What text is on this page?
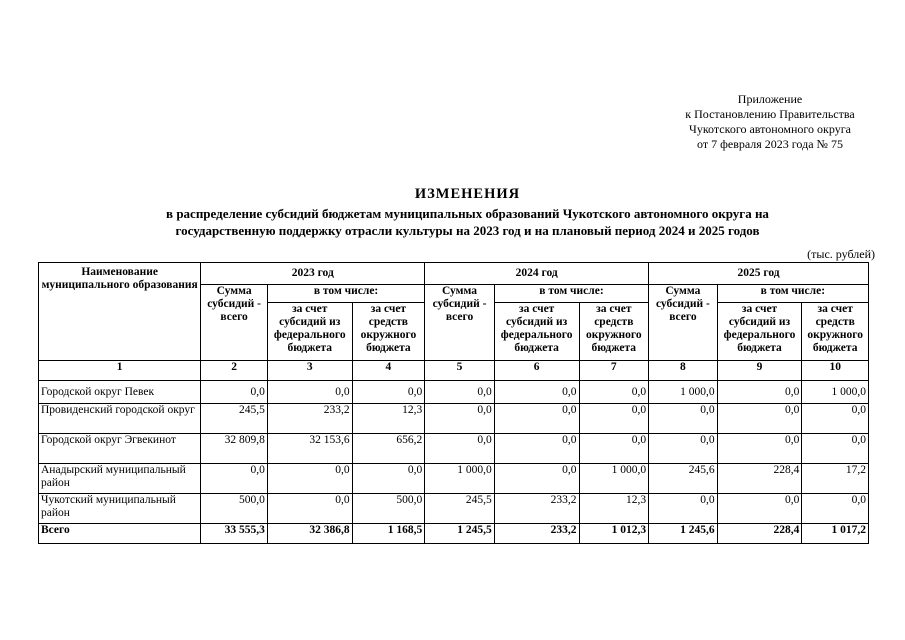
Приложение
к Постановлению Правительства
Чукотского автономного округа
от 7 февраля 2023 года № 75
ИЗМЕНЕНИЯ
в распределение субсидий бюджетам муниципальных образований Чукотского автономного округа на
государственную поддержку отрасли культуры на 2023 год и на плановый период 2024 и 2025 годов
(тыс. рублей)
Наименование муниципального образования	2023 год			2024 год			2025 год		
	Сумма субсидий - всего	в том числе:		Сумма субсидий - всего	в том числе:		Сумма субсидий - всего	в том числе:	
		за счет субсидий из федерального бюджета	за счет средств окружного бюджета		за счет субсидий из федерального бюджета	за счет средств окружного бюджета		за счет субсидий из федерального бюджета	за счет средств окружного бюджета
1	2	3	4	5	6	7	8	9	10
Городской округ Певек	0,0	0,0	0,0	0,0	0,0	0,0	1 000,0	0,0	1 000,0
Провиденский городской округ	245,5	233,2	12,3	0,0	0,0	0,0	0,0	0,0	0,0
Городской округ Эгвекинот	32 809,8	32 153,6	656,2	0,0	0,0	0,0	0,0	0,0	0,0
Анадырский муниципальный район	0,0	0,0	0,0	1 000,0	0,0	1 000,0	245,6	228,4	17,2
Чукотский муниципальный район	500,0	0,0	500,0	245,5	233,2	12,3	0,0	0,0	0,0
Всего	33 555,3	32 386,8	1 168,5	1 245,5	233,2	1 012,3	1 245,6	228,4	1 017,2
